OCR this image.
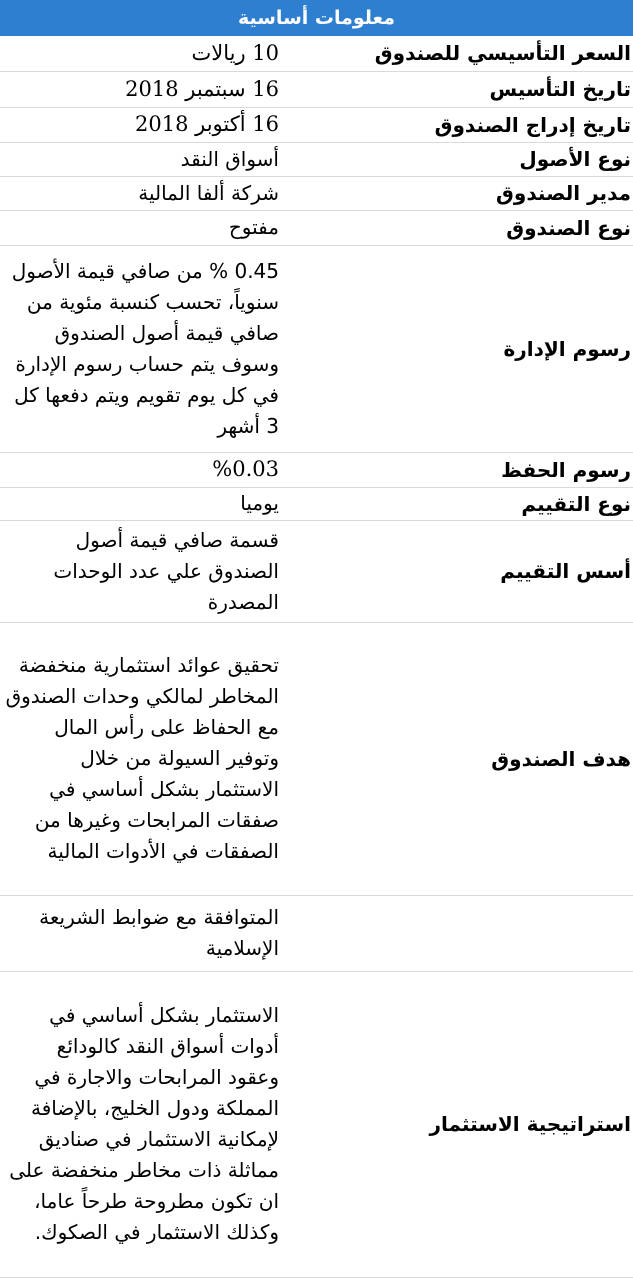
معلومات أساسية
السعر التأسيسي للصندوق	10 ريالات
تاريخ التأسيس	16 سبتمبر 2018
تاريخ إدراج الصندوق	16 أكتوبر 2018
نوع الأصول	أسواق النقد
مدير الصندوق	شركة ألفا المالية
نوع الصندوق	مفتوح
رسوم الإدارة	0.45 % من صافي قيمة الأصول سنوياً، تحسب كنسبة مئوية من صافي قيمة أصول الصندوق وسوف يتم حساب رسوم الإدارة في كل يوم تقويم ويتم دفعها كل 3 أشهر
رسوم الحفظ	%0.03
نوع التقييم	يوميا
أسس التقييم	قسمة صافي قيمة أصول الصندوق علي عدد الوحدات المصدرة
هدف الصندوق	تحقيق عوائد استثمارية منخفضة المخاطر لمالكي وحدات الصندوق مع الحفاظ على رأس المال وتوفير السيولة من خلال الاستثمار بشكل أساسي في صفقات المرابحات وغيرها من الصفقات في الأدوات المالية
	المتوافقة مع ضوابط الشريعة الإسلامية
استراتيجية الاستثمار	الاستثمار بشكل أساسي في أدوات أسواق النقد كالودائع وعقود المرابحات والاجارة في المملكة ودول الخليج، بالإضافة لإمكانية الاستثمار في صناديق مماثلة ذات مخاطر منخفضة على ان تكون مطروحة طرحاً عاما، وكذلك الاستثمار في الصكوك.
